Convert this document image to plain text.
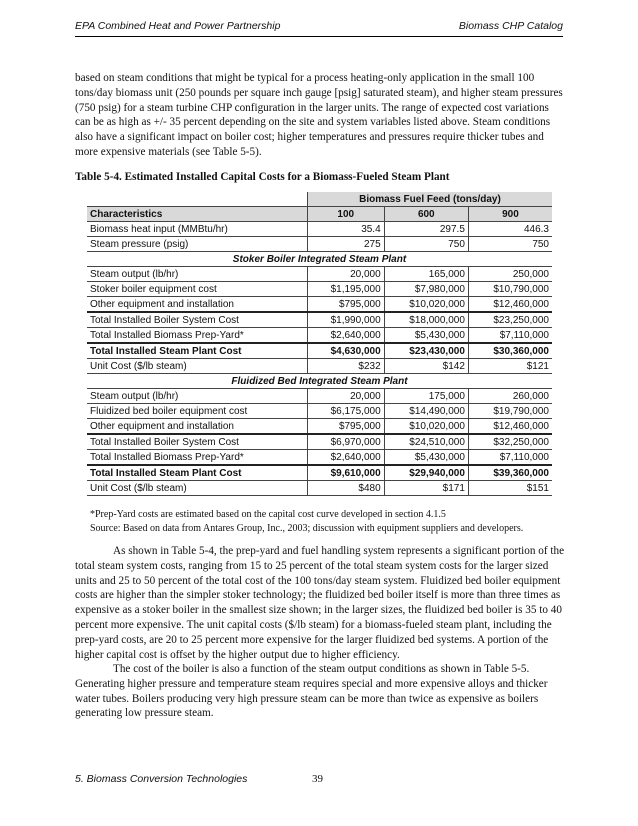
EPA Combined Heat and Power Partnership	Biomass CHP Catalog
based on steam conditions that might be typical for a process heating-only application in the small 100 tons/day biomass unit (250 pounds per square inch gauge [psig] saturated steam), and higher steam pressures (750 psig) for a steam turbine CHP configuration in the larger units. The range of expected cost variations can be as high as +/- 35 percent depending on the site and system variables listed above. Steam conditions also have a significant impact on boiler cost; higher temperatures and pressures require thicker tubes and more expensive materials (see Table 5-5).
Table 5-4. Estimated Installed Capital Costs for a Biomass-Fueled Steam Plant
	Biomass Fuel Feed (tons/day)		
Characteristics	100	600	900
Biomass heat input (MMBtu/hr)	35.4	297.5	446.3
Steam pressure (psig)	275	750	750
Stoker Boiler Integrated Steam Plant			
Steam output (lb/hr)	20,000	165,000	250,000
Stoker boiler equipment cost	$1,195,000	$7,980,000	$10,790,000
Other equipment and installation	$795,000	$10,020,000	$12,460,000
Total Installed Boiler System Cost	$1,990,000	$18,000,000	$23,250,000
Total Installed Biomass Prep-Yard*	$2,640,000	$5,430,000	$7,110,000
Total Installed Steam Plant Cost	$4,630,000	$23,430,000	$30,360,000
Unit Cost ($/lb steam)	$232	$142	$121
Fluidized Bed Integrated Steam Plant			
Steam output (lb/hr)	20,000	175,000	260,000
Fluidized bed boiler equipment cost	$6,175,000	$14,490,000	$19,790,000
Other equipment and installation	$795,000	$10,020,000	$12,460,000
Total Installed Boiler System Cost	$6,970,000	$24,510,000	$32,250,000
Total Installed Biomass Prep-Yard*	$2,640,000	$5,430,000	$7,110,000
Total Installed Steam Plant Cost	$9,610,000	$29,940,000	$39,360,000
Unit Cost ($/lb steam)	$480	$171	$151
*Prep-Yard costs are estimated based on the capital cost curve developed in section 4.1.5
Source: Based on data from Antares Group, Inc., 2003; discussion with equipment suppliers and developers.
As shown in Table 5-4, the prep-yard and fuel handling system represents a significant portion of the total steam system costs, ranging from 15 to 25 percent of the total steam system costs for the larger sized units and 25 to 50 percent of the total cost of the 100 tons/day steam system. Fluidized bed boiler equipment costs are higher than the simpler stoker technology; the fluidized bed boiler itself is more than three times as expensive as a stoker boiler in the smallest size shown; in the larger sizes, the fluidized bed boiler is 35 to 40 percent more expensive. The unit capital costs ($/lb steam) for a biomass-fueled steam plant, including the prep-yard costs, are 20 to 25 percent more expensive for the larger fluidized bed systems. A portion of the higher capital cost is offset by the higher output due to higher efficiency.
The cost of the boiler is also a function of the steam output conditions as shown in Table 5-5. Generating higher pressure and temperature steam requires special and more expensive alloys and thicker water tubes. Boilers producing very high pressure steam can be more than twice as expensive as boilers generating low pressure steam.
5. Biomass Conversion Technologies	39
